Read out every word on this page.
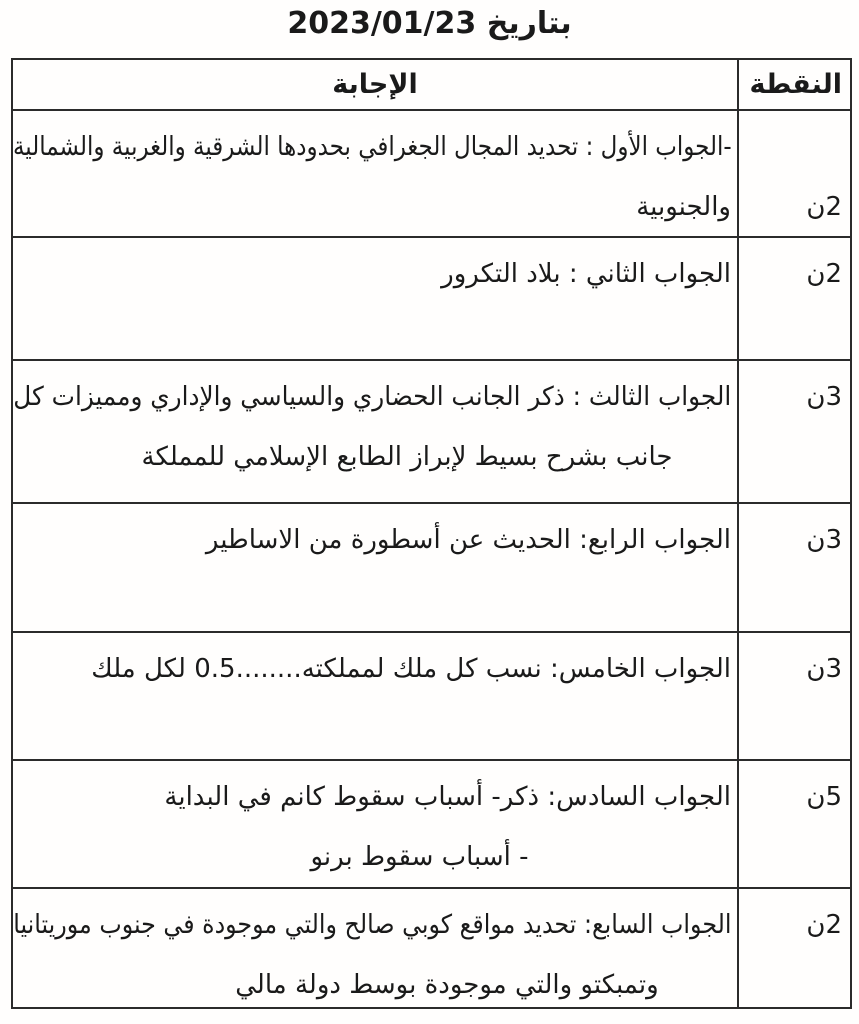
بتاريخ 2023/01/23
النقطة
الإجابة
2ن
-الجواب الأول : تحديد المجال الجغرافي بحدودها الشرقية والغربية والشمالية
والجنوبية
2ن
الجواب الثاني : بلاد التكرور
3ن
الجواب الثالث : ذكر الجانب الحضاري والسياسي والإداري ومميزات كل
جانب بشرح بسيط لإبراز الطابع الإسلامي للمملكة
3ن
الجواب الرابع: الحديث عن أسطورة من الاساطير
3ن
الجواب الخامس: نسب كل ملك لمملكته........0.5 لكل ملك
5ن
الجواب السادس: ذكر- أسباب سقوط كانم في البداية
- أسباب سقوط برنو
2ن
الجواب السابع: تحديد مواقع كوبي صالح والتي موجودة في جنوب موريتانيا
وتمبكتو والتي موجودة بوسط دولة مالي
